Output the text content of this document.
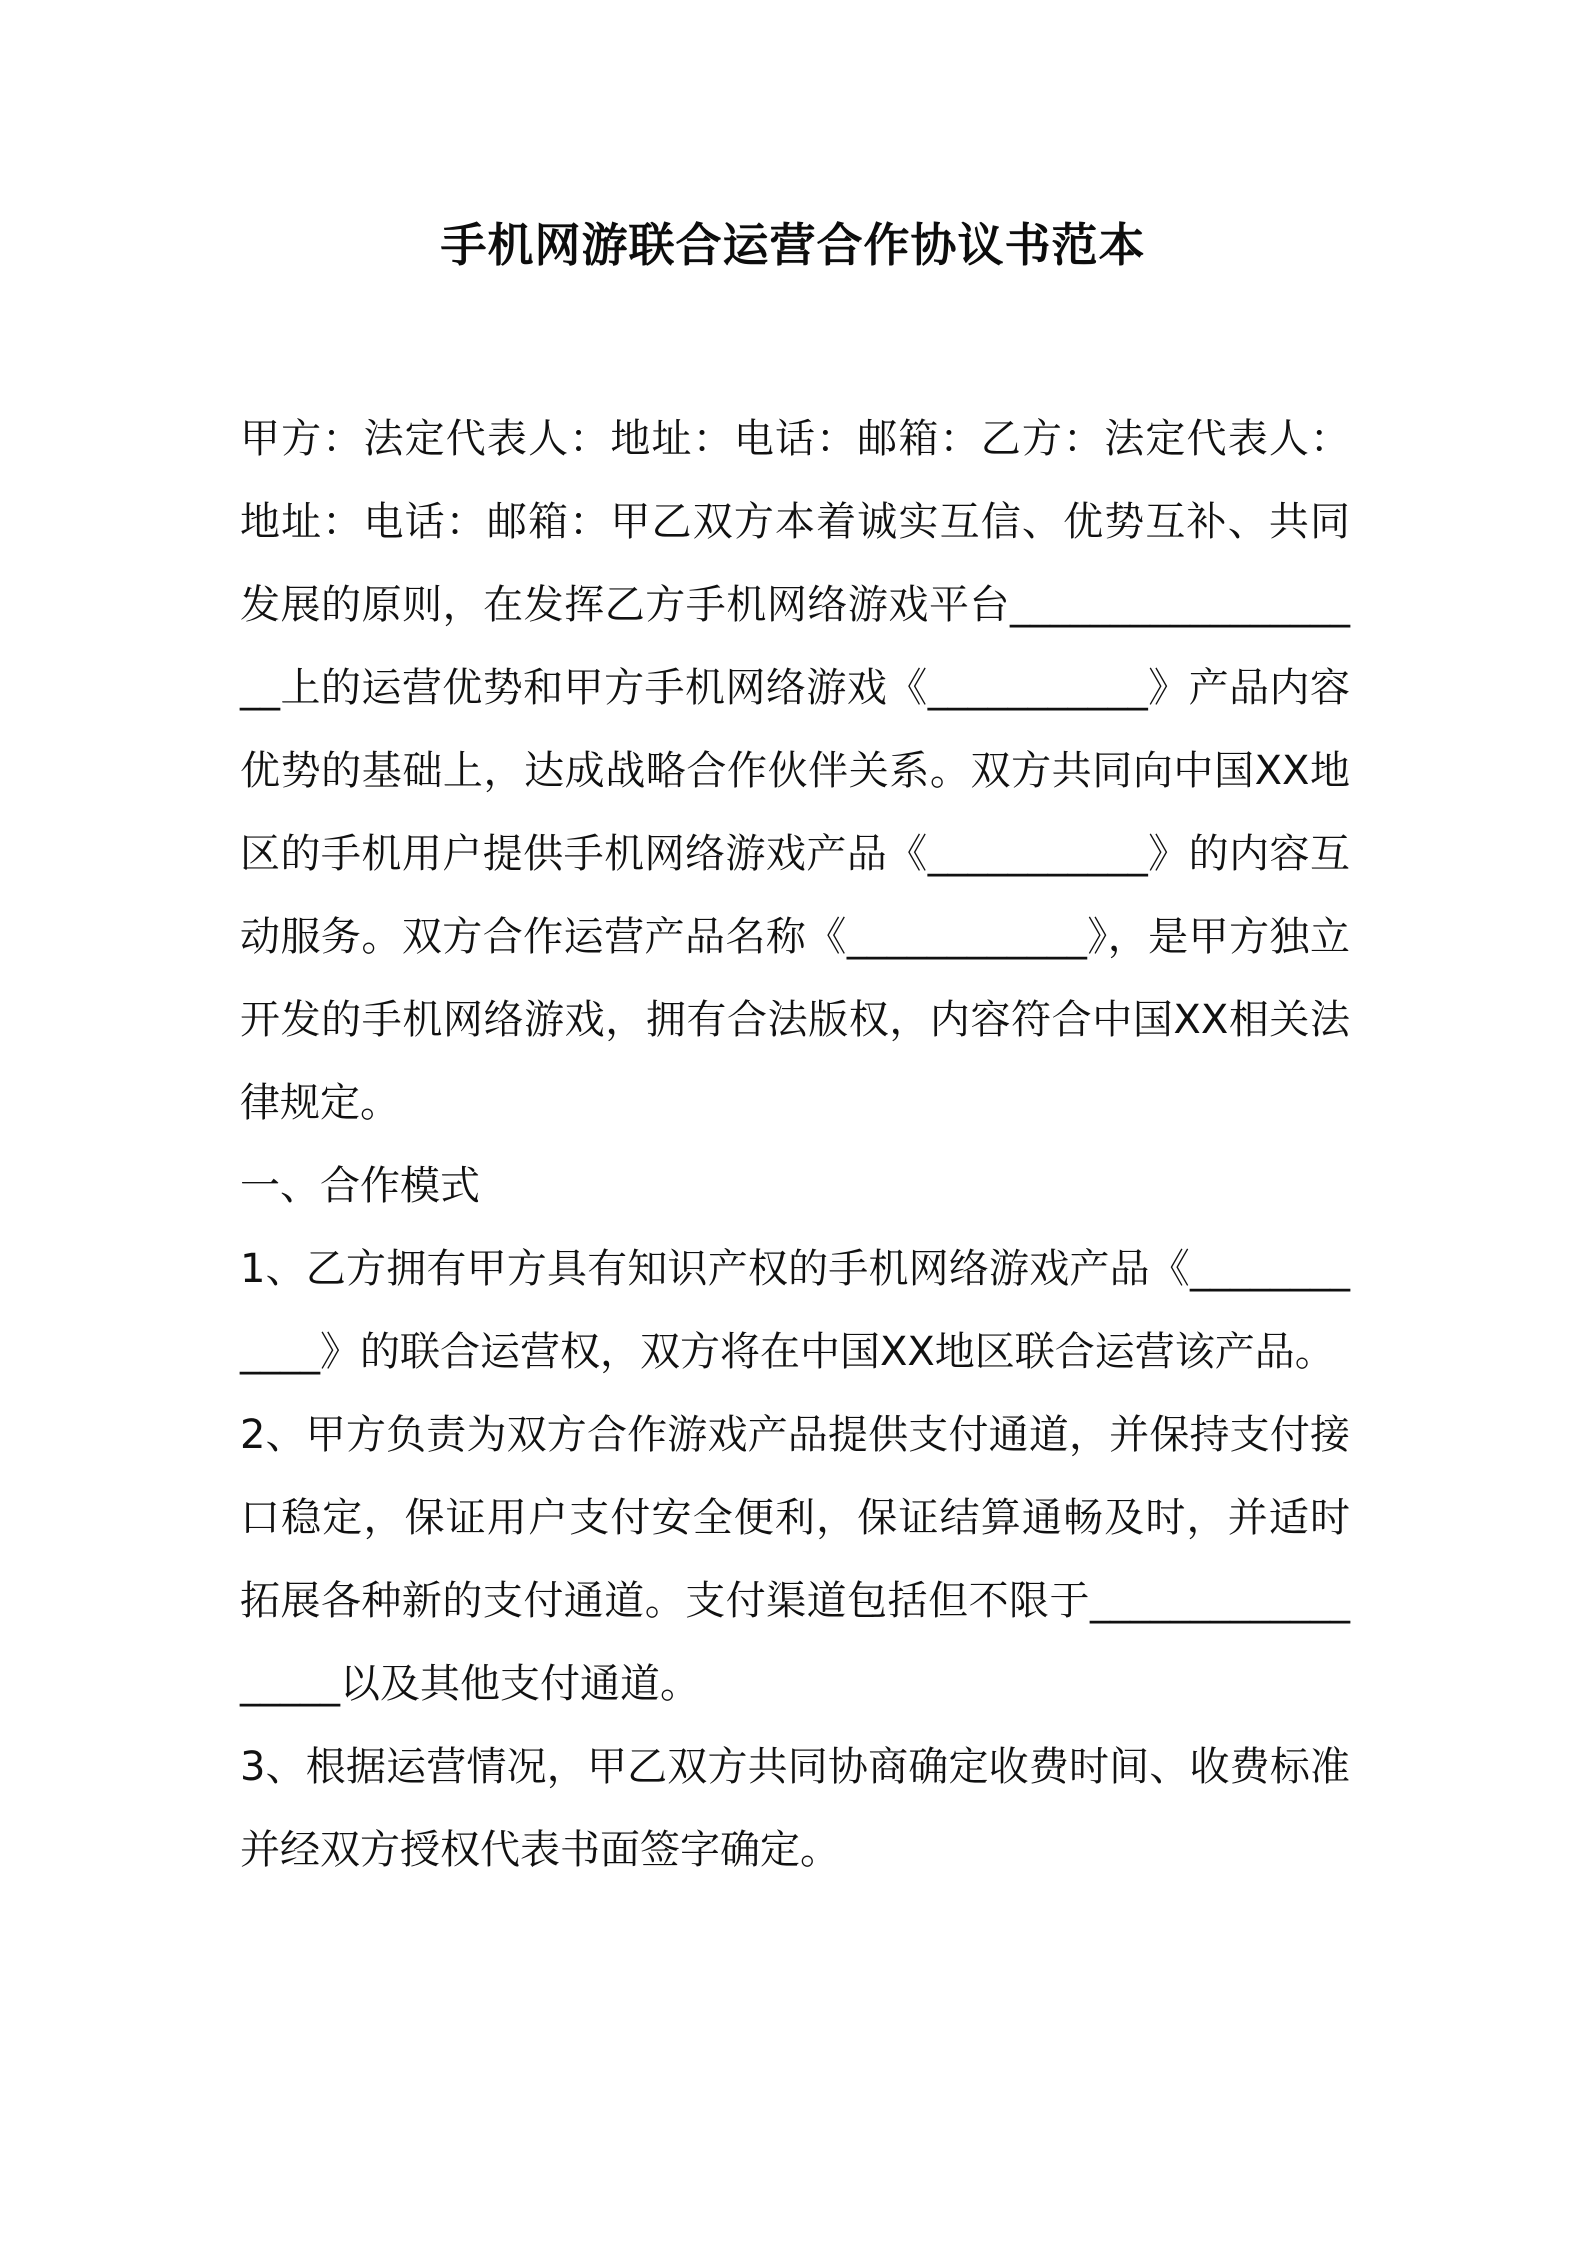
手机网游联合运营合作协议书范本

甲方：法定代表人：地址：电话：邮箱：乙方：法定代表人：地址：电话：邮箱：甲乙双方本着诚实互信、优势互补、共同发展的原则，在发挥乙方手机网络游戏平台___________________上的运营优势和甲方手机网络游戏《___________》产品内容优势的基础上，达成战略合作伙伴关系。双方共同向中国XX地区的手机用户提供手机网络游戏产品《___________》的内容互动服务。双方合作运营产品名称《____________》，是甲方独立开发的手机网络游戏，拥有合法版权，内容符合中国XX相关法律规定。

一、合作模式

1、乙方拥有甲方具有知识产权的手机网络游戏产品《____________》的联合运营权，双方将在中国XX地区联合运营该产品。

2、甲方负责为双方合作游戏产品提供支付通道，并保持支付接口稳定，保证用户支付安全便利，保证结算通畅及时，并适时拓展各种新的支付通道。支付渠道包括但不限于__________________以及其他支付通道。

3、根据运营情况，甲乙双方共同协商确定收费时间、收费标准并经双方授权代表书面签字确定。
